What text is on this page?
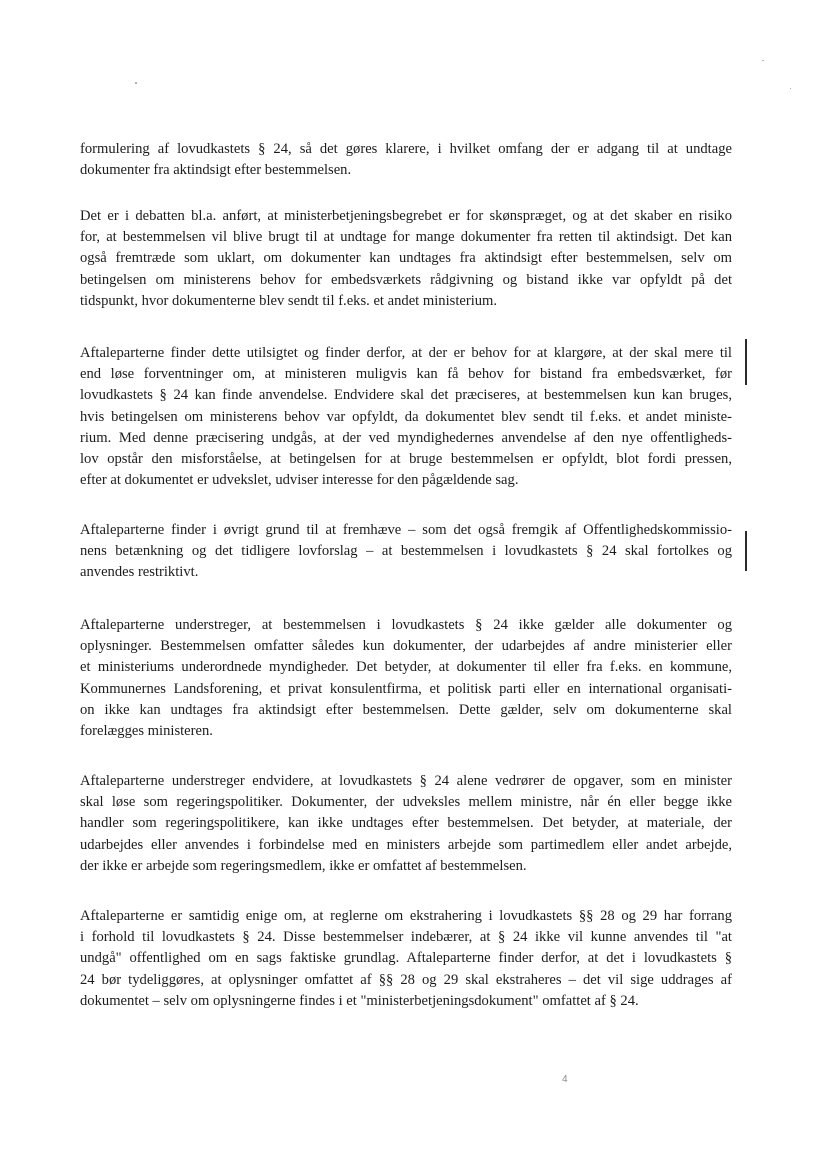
formulering af lovudkastets § 24, så det gøres klarere, i hvilket omfang der er adgang til at undtage
dokumenter fra aktindsigt efter bestemmelsen.
Det er i debatten bl.a. anført, at ministerbetjeningsbegrebet er for skønspræget, og at det skaber en risiko
for, at bestemmelsen vil blive brugt til at undtage for mange dokumenter fra retten til aktindsigt. Det kan
også fremtræde som uklart, om dokumenter kan undtages fra aktindsigt efter bestemmelsen, selv om
betingelsen om ministerens behov for embedsværkets rådgivning og bistand ikke var opfyldt på det
tidspunkt, hvor dokumenterne blev sendt til f.eks. et andet ministerium.
Aftaleparterne finder dette utilsigtet og finder derfor, at der er behov for at klargøre, at der skal mere til
end løse forventninger om, at ministeren muligvis kan få behov for bistand fra embedsværket, før
lovudkastets § 24 kan finde anvendelse. Endvidere skal det præciseres, at bestemmelsen kun kan bruges,
hvis betingelsen om ministerens behov var opfyldt, da dokumentet blev sendt til f.eks. et andet ministe-
rium. Med denne præcisering undgås, at der ved myndighedernes anvendelse af den nye offentligheds-
lov opstår den misforståelse, at betingelsen for at bruge bestemmelsen er opfyldt, blot fordi pressen,
efter at dokumentet er udvekslet, udviser interesse for den pågældende sag.
Aftaleparterne finder i øvrigt grund til at fremhæve – som det også fremgik af Offentlighedskommissio-
nens betænkning og det tidligere lovforslag – at bestemmelsen i lovudkastets § 24 skal fortolkes og
anvendes restriktivt.
Aftaleparterne understreger, at bestemmelsen i lovudkastets § 24 ikke gælder alle dokumenter og
oplysninger. Bestemmelsen omfatter således kun dokumenter, der udarbejdes af andre ministerier eller
et ministeriums underordnede myndigheder. Det betyder, at dokumenter til eller fra f.eks. en kommune,
Kommunernes Landsforening, et privat konsulentfirma, et politisk parti eller en international organisati-
on ikke kan undtages fra aktindsigt efter bestemmelsen. Dette gælder, selv om dokumenterne skal
forelægges ministeren.
Aftaleparterne understreger endvidere, at lovudkastets § 24 alene vedrører de opgaver, som en minister
skal løse som regeringspolitiker. Dokumenter, der udveksles mellem ministre, når én eller begge ikke
handler som regeringspolitikere, kan ikke undtages efter bestemmelsen. Det betyder, at materiale, der
udarbejdes eller anvendes i forbindelse med en ministers arbejde som partimedlem eller andet arbejde,
der ikke er arbejde som regeringsmedlem, ikke er omfattet af bestemmelsen.
Aftaleparterne er samtidig enige om, at reglerne om ekstrahering i lovudkastets §§ 28 og 29 har forrang
i forhold til lovudkastets § 24. Disse bestemmelser indebærer, at § 24 ikke vil kunne anvendes til "at
undgå" offentlighed om en sags faktiske grundlag. Aftaleparterne finder derfor, at det i lovudkastets §
24 bør tydeliggøres, at oplysninger omfattet af §§ 28 og 29 skal ekstraheres – det vil sige uddrages af
dokumentet – selv om oplysningerne findes i et "ministerbetjeningsdokument" omfattet af § 24.
4
